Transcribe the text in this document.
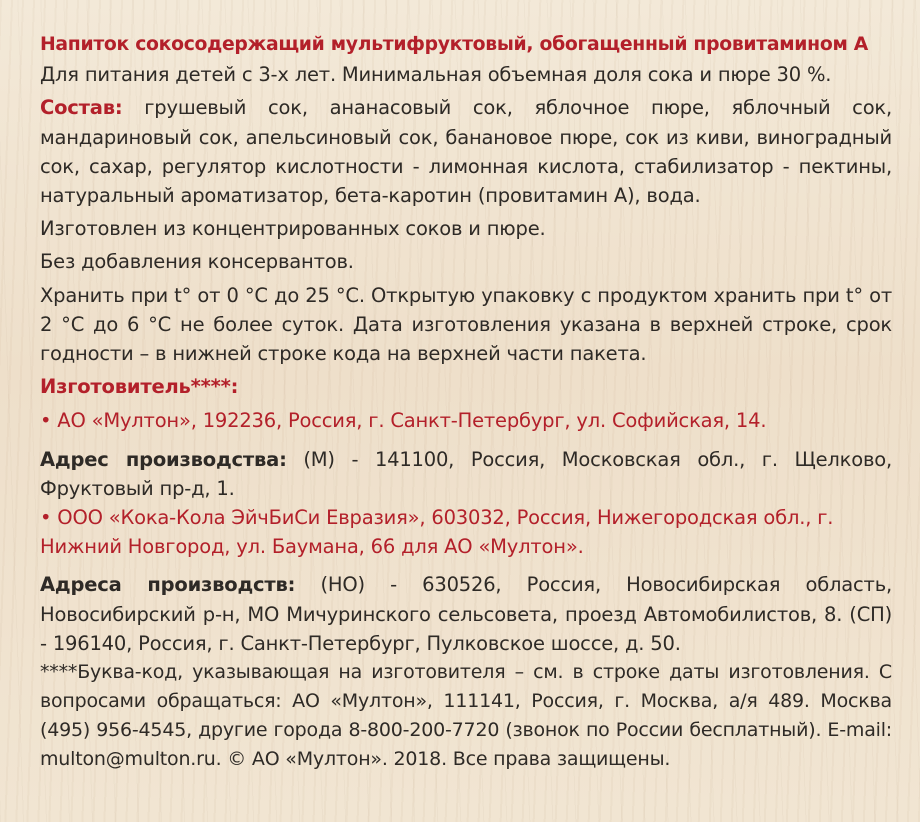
Напиток сокосодержащий мультифруктовый, обогащенный провитамином А

Для питания детей с 3-х лет. Минимальная объемная доля сока и пюре 30 %.

Состав: грушевый сок, ананасовый сок, яблочное пюре, яблочный сок, мандариновый сок, апельсиновый сок, банановое пюре, сок из киви, виноградный сок, сахар, регулятор кислотности - лимонная кислота, стабилизатор - пектины, натуральный ароматизатор, бета-каротин (провитамин А), вода.

Изготовлен из концентрированных соков и пюре.

Без добавления консервантов.

Хранить при t° от 0 °С до 25 °С. Открытую упаковку с продуктом хранить при t° от 2 °С до 6 °С не более суток. Дата изготовления указана в верхней строке, срок годности – в нижней строке кода на верхней части пакета.

Изготовитель****:

• АО «Мултон», 192236, Россия, г. Санкт-Петербург, ул. Софийская, 14.

Адрес производства: (М) - 141100, Россия, Московская обл., г. Щелково, Фруктовый пр-д, 1.

• ООО «Кока-Кола ЭйчБиСи Евразия», 603032, Россия, Нижегородская обл., г. Нижний Новгород, ул. Баумана, 66 для АО «Мултон».

Адреса производств: (НО) - 630526, Россия, Новосибирская область, Новосибирский р-н, МО Мичуринского сельсовета, проезд Автомобилистов, 8. (СП) - 196140, Россия, г. Санкт-Петербург, Пулковское шоссе, д. 50.

****Буква-код, указывающая на изготовителя – см. в строке даты изготовления. С вопросами обращаться: АО «Мултон», 111141, Россия, г. Москва, а/я 489. Москва (495) 956-4545, другие города 8-800-200-7720 (звонок по России бесплатный). E-mail: multon@multon.ru. © АО «Мултон». 2018. Все права защищены.
